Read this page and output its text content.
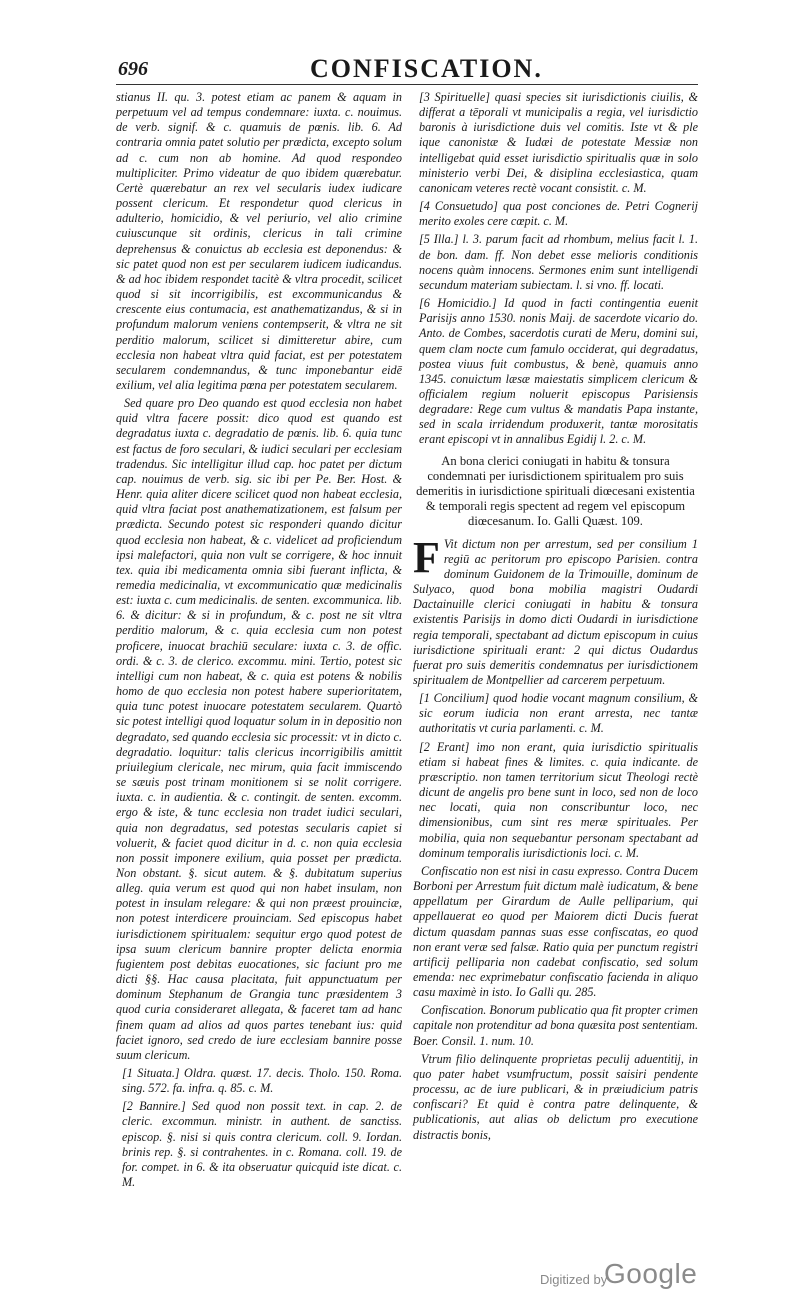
696	CONFISCATION.

stianus II. qu. 3. potest etiam ac panem & aquam in perpetuum vel ad tempus condemnare: iuxta. c. nouimus. de verb. signif. & c. quamuis de pœnis. lib. 6. Ad contraria omnia patet solutio per prædicta, excepto solum ad c. cum non ab homine. Ad quod respondeo multipliciter. Primo videatur de quo ibidem quærebatur. Certè quærebatur an rex vel secularis iudex iudicare possent clericum. Et respondetur quod clericus in adulterio, homicidio, & vel periurio, vel alio crimine cuiuscunque sit ordinis, clericus in tali crimine deprehensus & conuictus ab ecclesia est deponendus: & sic patet quod non est per secularem iudicem iudicandus. & ad hoc ibidem respondet tacitè & vltra procedit, scilicet quod si sit incorrigibilis, est excommunicandus & crescente eius contumacia, est anathematizandus, & si in profundum malorum veniens contempserit, & vltra ne sit perditio malorum, scilicet si dimitteretur abire, cum ecclesia non habeat vltra quid faciat, est per potestatem secularem condemnandus, & tunc imponebantur eidē exilium, vel alia legitima pœna per potestatem secularem.

Sed quare pro Deo quando est quod ecclesia non habet quid vltra facere possit: dico quod est quando est degradatus iuxta c. degradatio de pœnis. lib. 6. quia tunc est factus de foro seculari, & iudici seculari per ecclesiam tradendus. Sic intelligitur illud cap. hoc patet per dictum cap. nouimus de verb. sig. sic ibi per Pe. Ber. Host. & Henr. quia aliter dicere scilicet quod non habeat ecclesia, quid vltra faciat post anathematizationem, est falsum per prædicta. Secundo potest sic responderi quando dicitur quod ecclesia non habeat, & c. videlicet ad proficiendum ipsi malefactori, quia non vult se corrigere, & hoc innuit tex. quia ibi medicamenta omnia sibi fuerant inflicta, & remedia medicinalia, vt excommunicatio quæ medicinalis est: iuxta c. cum medicinalis. de senten. excommunica. lib. 6. & dicitur: & si in profundum, & c. post ne sit vltra perditio malorum, & c. quia ecclesia cum non potest proficere, inuocat brachiū seculare: iuxta c. 3. de offic. ordi. & c. 3. de clerico. excommu. mini. Tertio, potest sic intelligi cum non habeat, & c. quia est potens & nobilis homo de quo ecclesia non potest habere superioritatem, quia tunc potest inuocare potestatem secularem. Quartò sic potest intelligi quod loquatur solum in in depositio non degradato, sed quando ecclesia sic processit: vt in dicto c. degradatio. loquitur: talis clericus incorrigibilis amittit priuilegium clericale, nec mirum, quia facit immiscendo se sæuis post trinam monitionem si se nolit corrigere. iuxta. c. in audientia. & c. contingit. de senten. excomm. ergo & iste, & tunc ecclesia non tradet iudici seculari, quia non degradatus, sed potestas secularis capiet si voluerit, & faciet quod dicitur in d. c. non quia ecclesia non possit imponere exilium, quia posset per prædicta. Non obstant. §. sicut autem. & §. dubitatum superius alleg. quia verum est quod qui non habet insulam, non potest in insulam relegare: & qui non præest prouinciæ, non potest interdicere prouinciam. Sed episcopus habet iurisdictionem spiritualem: sequitur ergo quod potest de ipsa suum clericum bannire propter delicta enormia fugientem post debitas euocationes, sic faciunt pro me dicti §§. Hac causa placitata, fuit appunctuatum per dominum Stephanum de Grangia tunc præsidentem 3 quod curia consideraret allegata, & faceret tam ad hanc finem quam ad alios ad quos partes tenebant ius: quid faciet ignoro, sed credo de iure ecclesiam bannire posse suum clericum.

[1 Situata.] Oldra. quæst. 17. decis. Tholo. 150. Roma. sing. 572. fa. infra. q. 85. c. M.

[2 Bannire.] Sed quod non possit text. in cap. 2. de cleric. excommun. ministr. in authent. de sanctiss. episcop. §. nisi si quis contra clericum. coll. 9. Iordan. brinis rep. §. si contrahentes. in c. Romana. coll. 19. de for. compet. in 6. & ita obseruatur quicquid iste dicat. c. M.

[3 Spirituelle] quasi species sit iurisdictionis ciuilis, & differat a tēporali vt municipalis a regia, vel iurisdictio baronis à iurisdictione duis vel comitis. Iste vt & ple ique canonistæ & Iudæi de potestate Messiæ non intelligebat quid esset iurisdictio spiritualis quæ in solo ministerio verbi Dei, & disiplina ecclesiastica, quam canonicam veteres rectè vocant consistit. c. M.

[4 Consuetudo] qua post conciones de. Petri Cognerij merito exoles cere cœpit. c. M.

[5 Illa.] l. 3. parum facit ad rhombum, melius facit l. 1. de bon. dam. ff. Non debet esse melioris conditionis nocens quàm innocens. Sermones enim sunt intelligendi secundum materiam subiectam. l. si vno. ff. locati.

[6 Homicidio.] Id quod in facti contingentia euenit Parisijs anno 1530. nonis Maij. de sacerdote vicario do. Anto. de Combes, sacerdotis curati de Meru, domini sui, quem clam nocte cum famulo occiderat, qui degradatus, postea viuus fuit combustus, & benè, quamuis anno 1345. conuictum læsæ maiestatis simplicem clericum & officialem regium noluerit episcopus Parisiensis degradare: Rege cum vultus & mandatis Papa instante, sed in scala irridendum produxerit, tantæ morositatis erant episcopi vt in annalibus Egidij l. 2. c. M.

An bona clerici coniugati in habitu & tonsura condemnati per iurisdictionem spiritualem pro suis demeritis in iurisdictione spirituali diœcesani existentia & temporali regis spectent ad regem vel episcopum diœcesanum. Io. Galli Quæst. 109.

F Vit dictum non per arrestum, sed per consilium 1 regiū ac peritorum pro episcopo Parisien. contra dominum Guidonem de la Trimouille, dominum de Sulyaco, quod bona mobilia magistri Oudardi Dactainuille clerici coniugati in habitu & tonsura existentis Parisijs in domo dicti Oudardi in iurisdictione regia temporali, spectabant ad dictum episcopum in cuius iurisdictione spirituali erant: 2 qui dictus Oudardus fuerat pro suis demeritis condemnatus per iurisdictionem spiritualem de Montpellier ad carcerem perpetuum.

[1 Concilium] quod hodie vocant magnum consilium, & sic eorum iudicia non erant arresta, nec tantæ authoritatis vt curia parlamenti. c. M.

[2 Erant] imo non erant, quia iurisdictio spiritualis etiam si habeat fines & limites. c. quia indicante. de præscriptio. non tamen territorium sicut Theologi rectè dicunt de angelis pro bene sunt in loco, sed non de loco nec locati, quia non conscribuntur loco, nec dimensionibus, cum sint res meræ spirituales. Per mobilia, quia non sequebantur personam spectabant ad dominum temporalis iurisdictionis loci. c. M.

Confiscatio non est nisi in casu expresso. Contra Ducem Borboni per Arrestum fuit dictum malè iudicatum, & bene appellatum per Girardum de Aulle pelliparium, qui appellauerat eo quod per Maiorem dicti Ducis fuerat dictum quasdam pannas suas esse confiscatas, eo quod non erant veræ sed falsæ. Ratio quia per punctum registri artificij pelliparia non cadebat confiscatio, sed solum emenda: nec exprimebatur confiscatio facienda in aliquo casu maximè in isto. Io Galli qu. 285.

Confiscation. Bonorum publicatio qua fit propter crimen capitale non protenditur ad bona quæsita post sententiam. Boer. Consil. 1. num. 10.

Vtrum filio delinquente proprietas peculij aduentitij, in quo pater habet vsumfructum, possit saisiri pendente processu, ac de iure publicari, & in præiudicium patris confiscari? Et quid è contra patre delinquente, & publicationis, aut alias ob delictum pro executione distractis bonis,

Digitized by
Google
